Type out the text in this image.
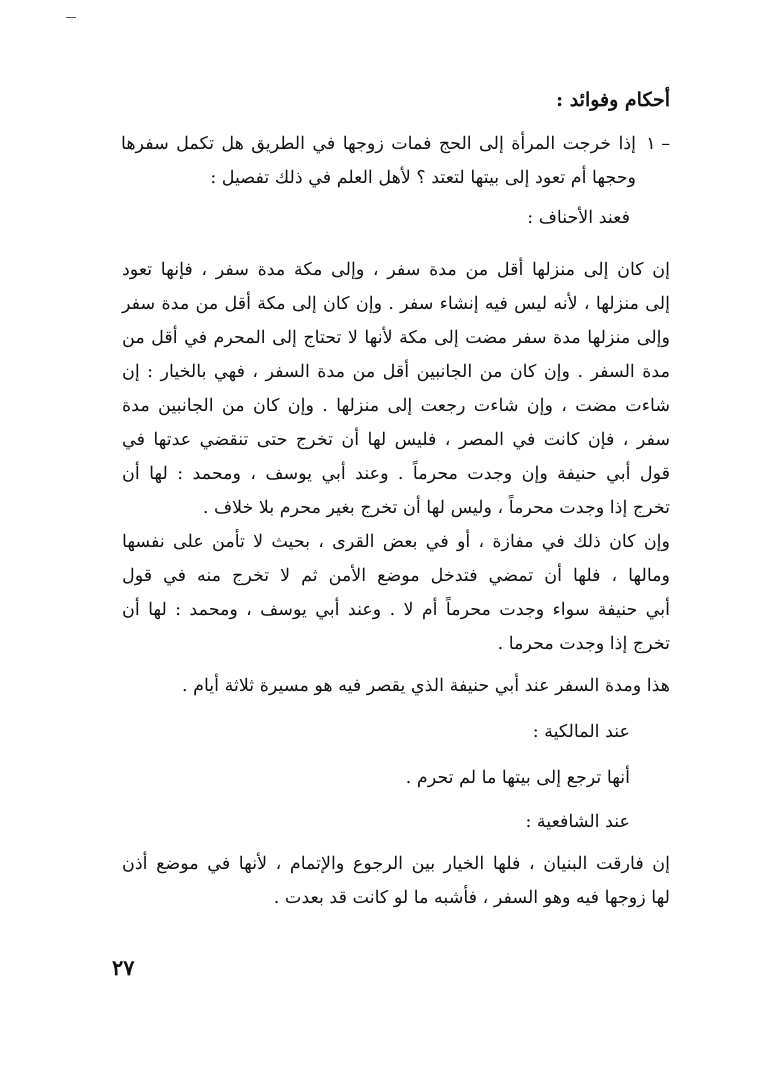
أحكام وفوائد :
١ –
إذا خرجت المرأة إلى الحج فمات زوجها في الطريق هل تكمل سفرها
وحجها أم تعود إلى بيتها لتعتد ؟ لأهل العلم في ذلك تفصيل :
فعند الأحناف :
إن كان إلى منزلها أقل من مدة سفر ، وإلى مكة مدة سفر ، فإنها تعود
إلى منزلها ، لأنه ليس فيه إنشاء سفر . وإن كان إلى مكة أقل من مدة سفر
وإلى منزلها مدة سفر مضت إلى مكة لأنها لا تحتاج إلى المحرم في أقل من
مدة السفر . وإن كان من الجانبين أقل من مدة السفر ، فهي بالخيار : إن
شاءت مضت ، وإن شاءت رجعت إلى منزلها . وإن كان من الجانبين مدة
سفر ، فإن كانت في المصر ، فليس لها أن تخرج حتى تنقضي عدتها في
قول أبي حنيفة وإن وجدت محرماً . وعند أبي يوسف ، ومحمد : لها أن
تخرج إذا وجدت محرماً ، وليس لها أن تخرج بغير محرم بلا خلاف .
وإن كان ذلك في مفازة ، أو في بعض القرى ، بحيث لا تأمن على نفسها
ومالها ، فلها أن تمضي فتدخل موضع الأمن ثم لا تخرج منه في قول
أبي حنيفة سواء وجدت محرماً أم لا . وعند أبي يوسف ، ومحمد : لها أن
تخرج إذا وجدت محرما .
هذا ومدة السفر عند أبي حنيفة الذي يقصر فيه هو مسيرة ثلاثة أيام .
عند المالكية :
أنها ترجع إلى بيتها ما لم تحرم .
عند الشافعية :
إن فارقت البنيان ، فلها الخيار بين الرجوع والإتمام ، لأنها في موضع أذن
لها زوجها فيه وهو السفر ، فأشبه ما لو كانت قد بعدت .
٢٧
